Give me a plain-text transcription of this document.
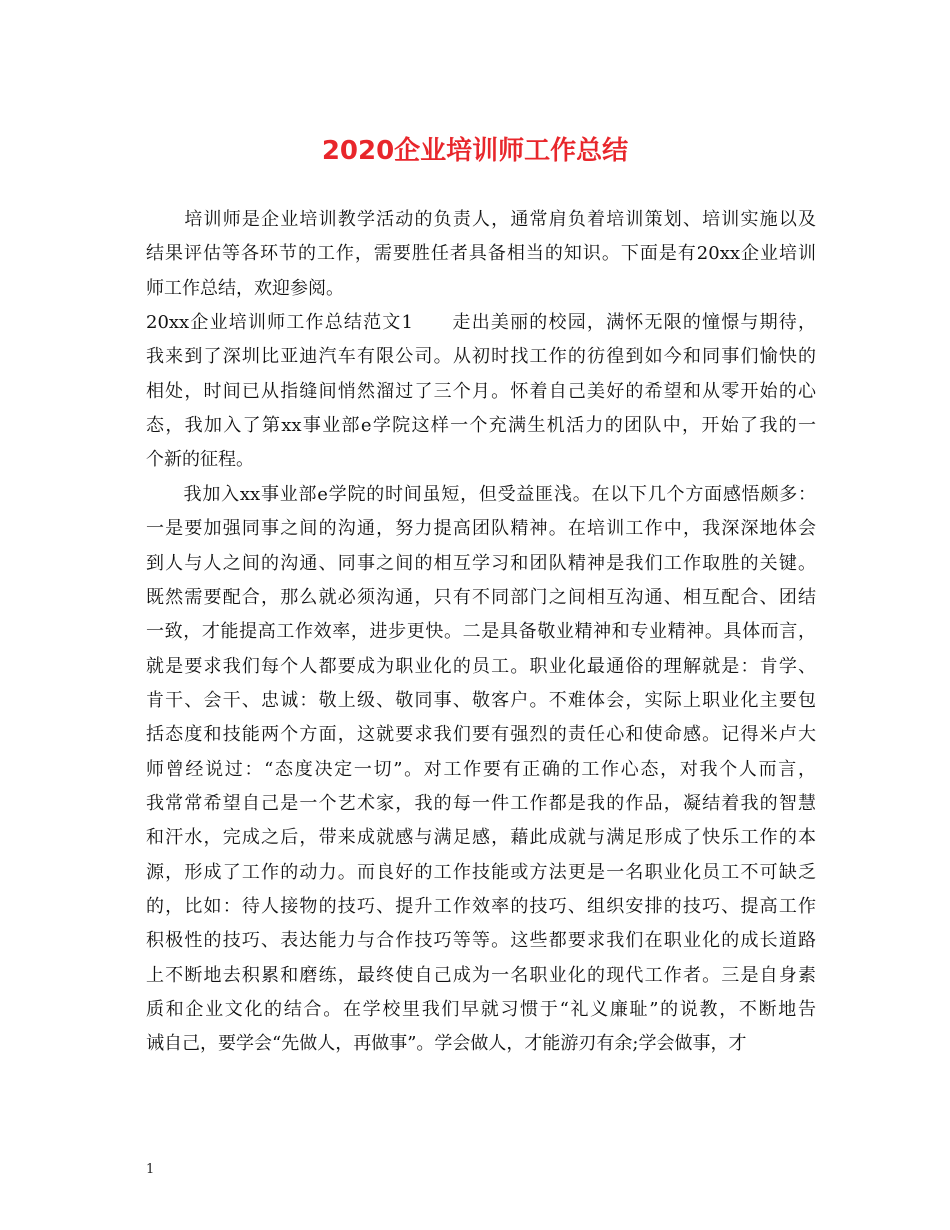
2020企业培训师工作总结
　　培训师是企业培训教学活动的负责人，通常肩负着培训策划、培训实施以及
结果评估等各环节的工作，需要胜任者具备相当的知识。下面是有20xx企业培训
师工作总结，欢迎参阅。
20xx企业培训师工作总结范文1　　走出美丽的校园，满怀无限的憧憬与期待，
我来到了深圳比亚迪汽车有限公司。从初时找工作的彷徨到如今和同事们愉快的
相处，时间已从指缝间悄然溜过了三个月。怀着自己美好的希望和从零开始的心
态，我加入了第xx事业部e学院这样一个充满生机活力的团队中，开始了我的一
个新的征程。
　　我加入xx事业部e学院的时间虽短，但受益匪浅。在以下几个方面感悟颇多：
一是要加强同事之间的沟通，努力提高团队精神。在培训工作中，我深深地体会
到人与人之间的沟通、同事之间的相互学习和团队精神是我们工作取胜的关键。
既然需要配合，那么就必须沟通，只有不同部门之间相互沟通、相互配合、团结
一致，才能提高工作效率，进步更快。二是具备敬业精神和专业精神。具体而言，
就是要求我们每个人都要成为职业化的员工。职业化最通俗的理解就是：肯学、
肯干、会干、忠诚：敬上级、敬同事、敬客户。不难体会，实际上职业化主要包
括态度和技能两个方面，这就要求我们要有强烈的责任心和使命感。记得米卢大
师曾经说过：“态度决定一切”。对工作要有正确的工作心态，对我个人而言，
我常常希望自己是一个艺术家，我的每一件工作都是我的作品，凝结着我的智慧
和汗水，完成之后，带来成就感与满足感，藉此成就与满足形成了快乐工作的本
源，形成了工作的动力。而良好的工作技能或方法更是一名职业化员工不可缺乏
的，比如：待人接物的技巧、提升工作效率的技巧、组织安排的技巧、提高工作
积极性的技巧、表达能力与合作技巧等等。这些都要求我们在职业化的成长道路
上不断地去积累和磨练，最终使自己成为一名职业化的现代工作者。三是自身素
质和企业文化的结合。在学校里我们早就习惯于“礼义廉耻”的说教，不断地告
诫自己，要学会“先做人，再做事”。学会做人，才能游刃有余;学会做事，才
1
